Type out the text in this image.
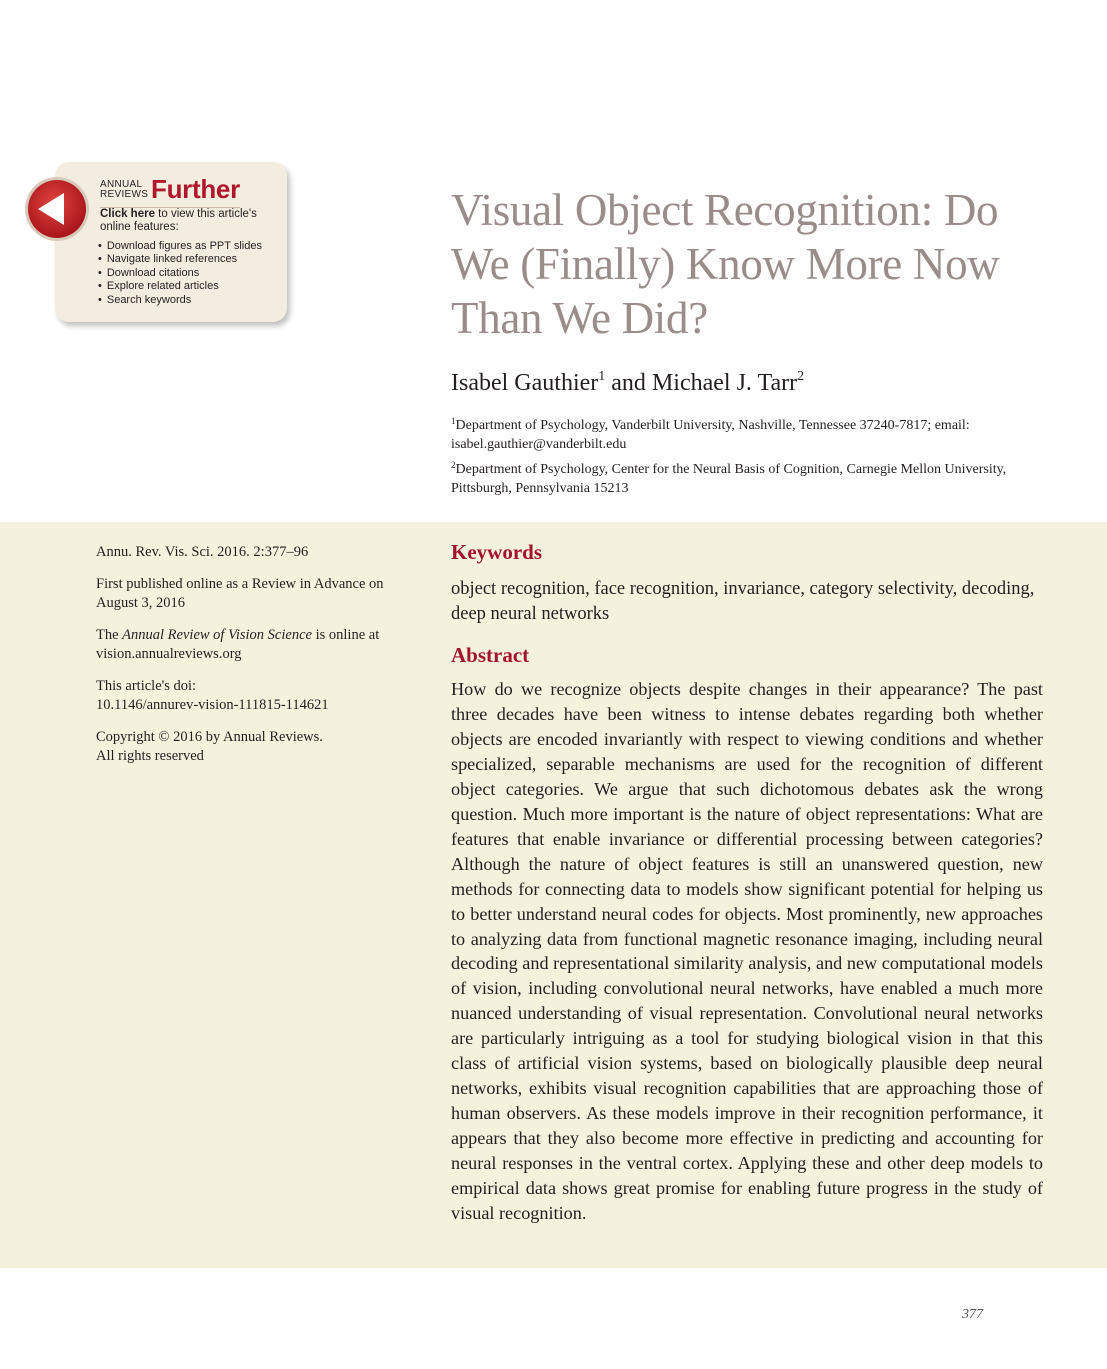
ANNUAL
REVIEWS Further
Click here to view this article's online features:
• Download figures as PPT slides
• Navigate linked references
• Download citations
• Explore related articles
• Search keywords
Visual Object Recognition: Do We (Finally) Know More Now Than We Did?
Isabel Gauthier$^1$ and Michael J. Tarr$^2$
$^1$Department of Psychology, Vanderbilt University, Nashville, Tennessee 37240-7817; email: isabel.gauthier@vanderbilt.edu
$^2$Department of Psychology, Center for the Neural Basis of Cognition, Carnegie Mellon University, Pittsburgh, Pennsylvania 15213

Annu. Rev. Vis. Sci. 2016. 2:377–96

First published online as a Review in Advance on August 3, 2016

The Annual Review of Vision Science is online at vision.annualreviews.org

This article's doi:
10.1146/annurev-vision-111815-114621

Copyright © 2016 by Annual Reviews.
All rights reserved

Keywords
object recognition, face recognition, invariance, category selectivity, decoding, deep neural networks
Abstract

How do we recognize objects despite changes in their appearance? The past three decades have been witness to intense debates regarding both whether objects are encoded invariantly with respect to viewing conditions and whether specialized, separable mechanisms are used for the recognition of different object categories. We argue that such dichotomous debates ask the wrong question. Much more important is the nature of object representations: What are features that enable invariance or differential processing between categories? Although the nature of object features is still an unanswered question, new methods for connecting data to models show significant potential for helping us to better understand neural codes for objects. Most prominently, new approaches to analyzing data from functional magnetic resonance imaging, including neural decoding and representational similarity analysis, and new computational models of vision, including convolutional neural networks, have enabled a much more nuanced understanding of visual representation. Convolutional neural networks are particularly intriguing as a tool for studying biological vision in that this class of artificial vision systems, based on biologically plausible deep neural networks, exhibits visual recognition capabilities that are approaching those of human observers. As these models improve in their recognition performance, it appears that they also become more effective in predicting and accounting for neural responses in the ventral cortex. Applying these and other deep models to empirical data shows great promise for enabling future progress in the study of visual recognition.

377
